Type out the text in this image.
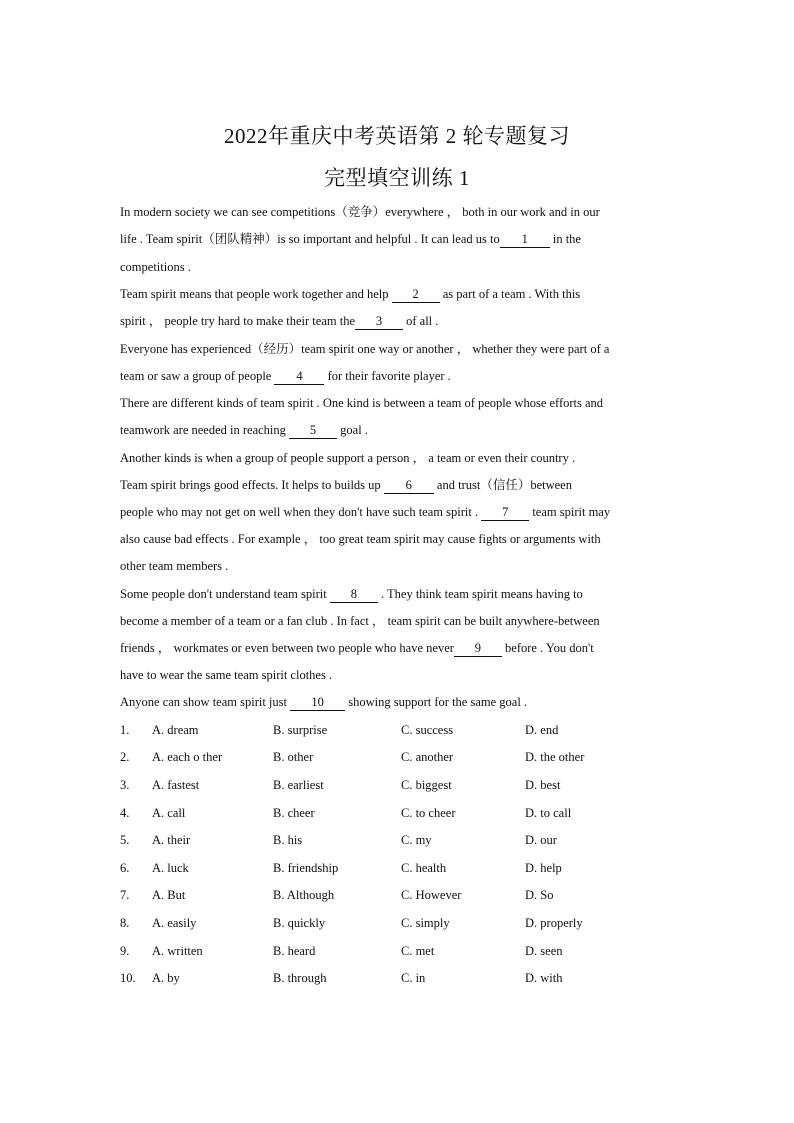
2022年重庆中考英语第 2 轮专题复习
完型填空训练 1
In modern society we can see competitions（竞争）everywhere ， both in our work and in our
life . Team spirit（团队精神）is so important and helpful . It can lead us to 1 in the
competitions .
Team spirit means that people work together and help 2 as part of a team . With this
spirit ， people try hard to make their team the 3 of all .
Everyone has experienced（经历）team spirit one way or another ， whether they were part of a
team or saw a group of people 4 for their favorite player .
There are different kinds of team spirit . One kind is between a team of people whose efforts and
teamwork are needed in reaching 5 goal .
Another kinds is when a group of people support a person ， a team or even their country .
Team spirit brings good effects. It helps to builds up 6 and trust（信任）between
people who may not get on well when they don't have such team spirit . 7 team spirit may
also cause bad effects . For example ， too great team spirit may cause fights or arguments with
other team members .
Some people don't understand team spirit 8 . They think team spirit means having to
become a member of a team or a fan club . In fact ， team spirit can be built anywhere-between
friends ， workmates or even between two people who have never 9 before . You don't
have to wear the same team spirit clothes .
Anyone can show team spirit just 10 showing support for the same goal .
1. A. dream	B. surprise	C. success	D. end
2. A. each o ther	B. other	C. another	D. the other
3. A. fastest	B. earliest	C. biggest	D. best
4. A. call	B. cheer	C. to cheer	D. to call
5. A. their	B. his	C. my	D. our
6. A. luck	B. friendship	C. health	D. help
7. A. But	B. Although	C. However	D. So
8. A. easily	B. quickly	C. simply	D. properly
9. A. written	B. heard	C. met	D. seen
10. A. by	B. through	C. in	D. with
